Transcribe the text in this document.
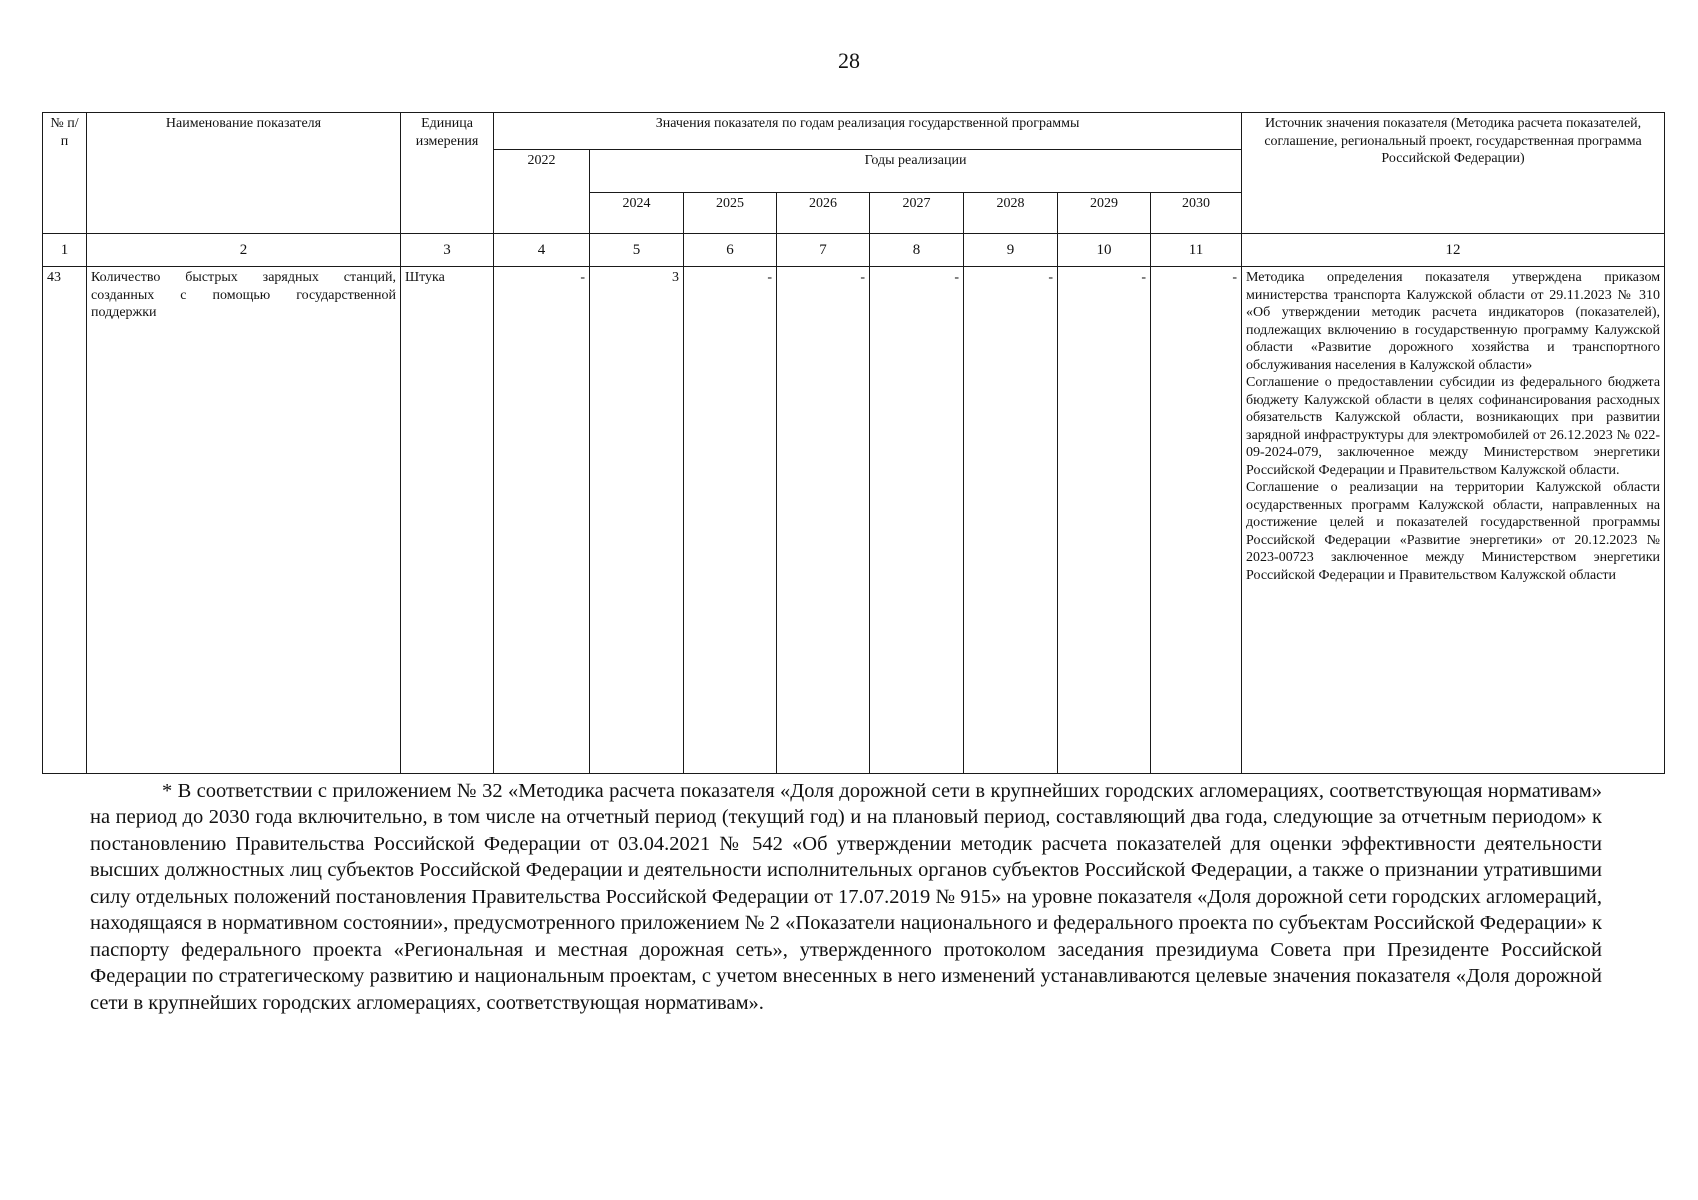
28
№ п/п	Наименование показателя	Единица измерения	Значения показателя по годам реализация государственной программы								Источник значения показателя (Методика расчета показателей, соглашение, региональный проект, государственная программа Российской Федерации)
			2022	Годы реализации							
				2024	2025	2026	2027	2028	2029	2030	
1	2	3	4	5	6	7	8	9	10	11	12
43	Количество быстрых зарядных станций, созданных с помощью государственной поддержки	Штука	-	3	-	-	-	-	-	-	Методика определения показателя утверждена приказом министерства транспорта Калужской области от 29.11.2023 № 310 «Об утверждении методик расчета индикаторов (показателей), подлежащих включению в государственную программу Калужской области «Развитие дорожного хозяйства и транспортного обслуживания населения в Калужской области»

Соглашение о предоставлении субсидии из федерального бюджета бюджету Калужской области в целях софинансирования расходных обязательств Калужской области, возникающих при развитии зарядной инфраструктуры для электромобилей от 26.12.2023 № 022-09-2024-079, заключенное между Министерством энергетики Российской Федерации и Правительством Калужской области.

Соглашение о реализации на территории Калужской области осударственных программ Калужской области, направленных на достижение целей и показателей государственной программы Российской Федерации «Развитие энергетики» от 20.12.2023 № 2023-00723 заключенное между Министерством энергетики Российской Федерации и Правительством Калужской области

* В соответствии с приложением № 32 «Методика расчета показателя «Доля дорожной сети в крупнейших городских агломерациях, соответствующая нормативам» на период до 2030 года включительно, в том числе на отчетный период (текущий год) и на плановый период, составляющий два года, следующие за отчетным периодом» к постановлению Правительства Российской Федерации от 03.04.2021 № 542 «Об утверждении методик расчета показателей для оценки эффективности деятельности высших должностных лиц субъектов Российской Федерации и деятельности исполнительных органов субъектов Российской Федерации, а также о признании утратившими силу отдельных положений постановления Правительства Российской Федерации от 17.07.2019 № 915» на уровне показателя «Доля дорожной сети городских агломераций, находящаяся в нормативном состоянии», предусмотренного приложением № 2 «Показатели национального и федерального проекта по субъектам Российской Федерации» к паспорту федерального проекта «Региональная и местная дорожная сеть», утвержденного протоколом заседания президиума Совета при Президенте Российской Федерации по стратегическому развитию и национальным проектам, с учетом внесенных в него изменений устанавливаются целевые значения показателя «Доля дорожной сети в крупнейших городских агломерациях, соответствующая нормативам».
